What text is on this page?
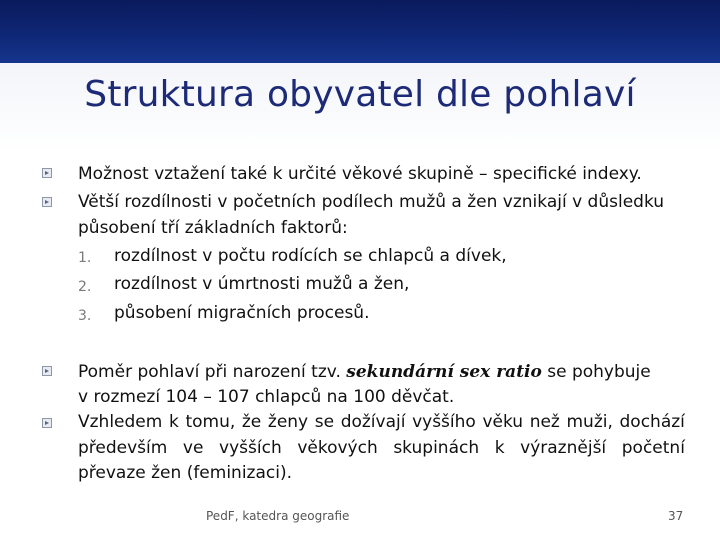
Struktura obyvatel dle pohlaví
Možnost vztažení také k určité věkové skupině – specifické indexy.
Větší rozdílnosti v početních podílech mužů a žen vznikají v důsledku
působení tří základních faktorů:
1. rozdílnost v počtu rodících se chlapců a dívek,
2. rozdílnost v úmrtnosti mužů a žen,
3. působení migračních procesů.
Poměr pohlaví při narození tzv. sekundární sex ratio se pohybuje
v rozmezí 104 – 107 chlapců na 100 děvčat.
Vzhledem k tomu, že ženy se dožívají vyššího věku než muži, dochází
především ve vyšších věkových skupinách k výraznější početní
převaze žen (feminizaci).
PedF, katedra geografie	37
